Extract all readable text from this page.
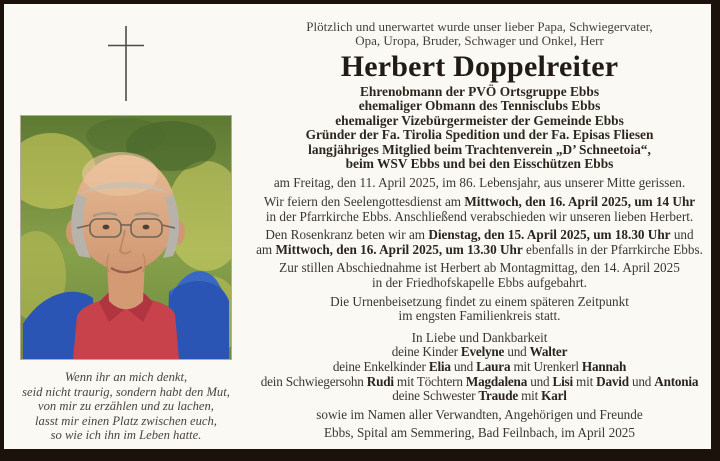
Wenn ihr an mich denkt,
seid nicht traurig, sondern habt den Mut,
von mir zu erzählen und zu lachen,
lasst mir einen Platz zwischen euch,
so wie ich ihn im Leben hatte.
Plötzlich und unerwartet wurde unser lieber Papa, Schwiegervater,
Opa, Uropa, Bruder, Schwager und Onkel, Herr
Herbert Doppelreiter
Ehrenobmann der PVÖ Ortsgruppe Ebbs
ehemaliger Obmann des Tennisclubs Ebbs
ehemaliger Vizebürgermeister der Gemeinde Ebbs
Gründer der Fa. Tirolia Spedition und der Fa. Episas Fliesen
langjähriges Mitglied beim Trachtenverein „D’ Schneetoia“,
beim WSV Ebbs und bei den Eisschützen Ebbs
am Freitag, den 11. April 2025, im 86. Lebensjahr, aus unserer Mitte gerissen.
Wir feiern den Seelengottesdienst am Mittwoch, den 16. April 2025, um 14 Uhr
in der Pfarrkirche Ebbs. Anschließend verabschieden wir unseren lieben Herbert.
Den Rosenkranz beten wir am Dienstag, den 15. April 2025, um 18.30 Uhr und
am Mittwoch, den 16. April 2025, um 13.30 Uhr ebenfalls in der Pfarrkirche Ebbs.
Zur stillen Abschiednahme ist Herbert ab Montagmittag, den 14. April 2025
in der Friedhofskapelle Ebbs aufgebahrt.
Die Urnenbeisetzung findet zu einem späteren Zeitpunkt
im engsten Familienkreis statt.
In Liebe und Dankbarkeit
deine Kinder Evelyne und Walter
deine Enkelkinder Elia und Laura mit Urenkerl Hannah
dein Schwiegersohn Rudi mit Töchtern Magdalena und Lisi mit David und Antonia
deine Schwester Traude mit Karl
sowie im Namen aller Verwandten, Angehörigen und Freunde
Ebbs, Spital am Semmering, Bad Feilnbach, im April 2025
